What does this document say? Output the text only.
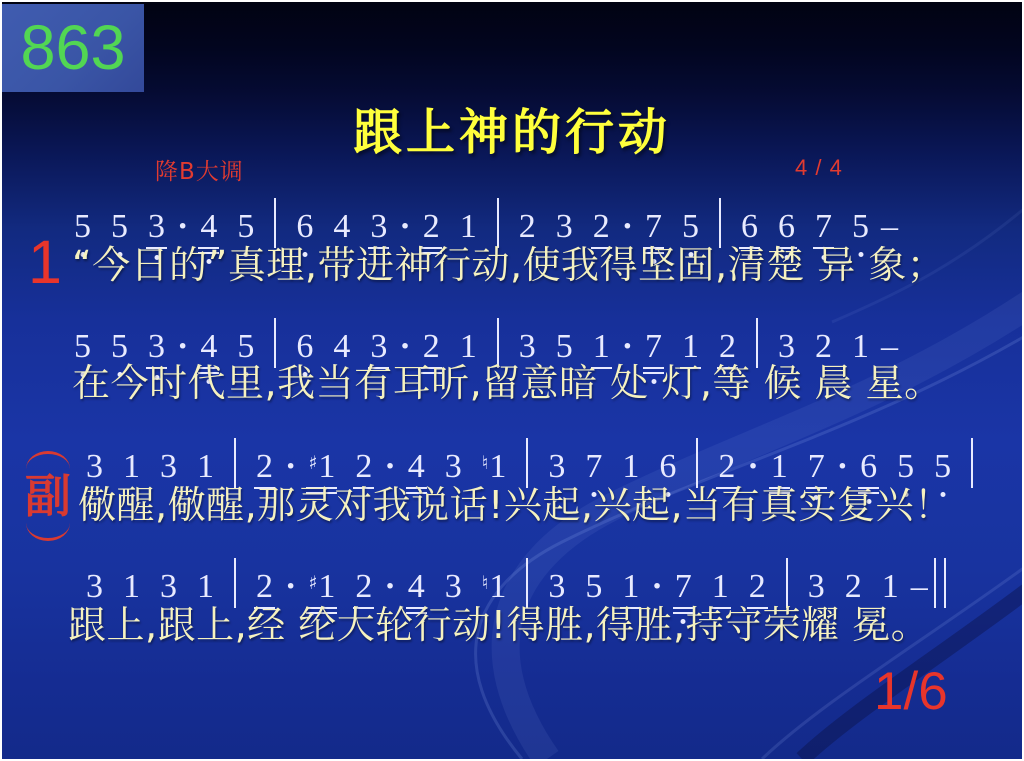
863
跟上神的行动
降B大调	4 / 4
5 5 3 · 4 5 6 4 3 · 2 1 2 3 2 · 7 5 6 6 7 5 –
1 “今日的”真理,带进神行动,使我得坚固,清楚 异 象；
5 5 3 · 4 5 6 4 3 · 2 1 3 5 1 · 7 1 2 3 2 1 –
在今时代里,我当有耳听,留意暗 处 灯,等 候 晨 星。
3 1 3 1 2 · ♯1 2 · 4 3 ♮1 3 7 1 6 2 · 1 7 · 6 5 5
副 儆醒,儆醒,那灵对我说话!兴起,兴起,当有真实复兴！
3 1 3 1 2 · ♯1 2 · 4 3 ♮1 3 5 1 · 7 1 2 3 2 1 –
跟上,跟上,经 纶大轮行动!得胜,得胜,持守荣耀 冕。
1/6
